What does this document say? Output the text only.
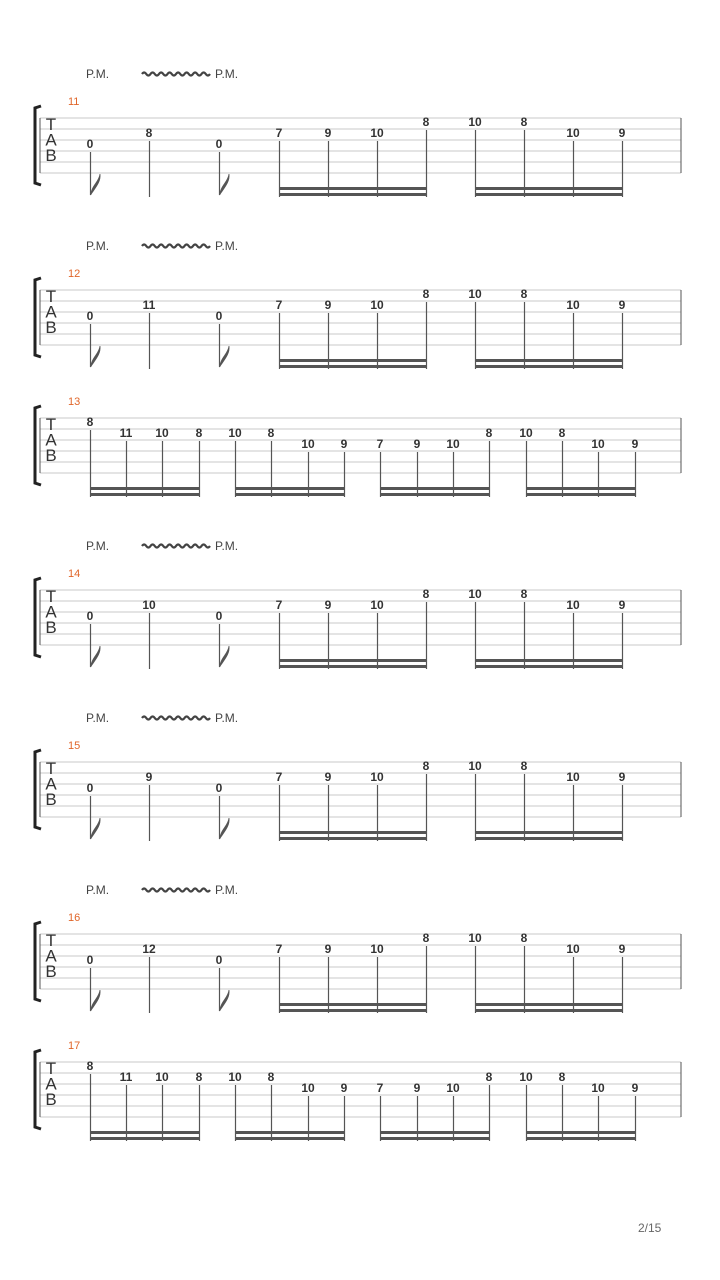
P.M.	P.M.
11
T
A
B
0
8
0
7	9	10
8	10	8
10	9
P.M.	P.M.
12
T
A
B
0
11
0
7	9	10
8	10	8
10	9
13
T
A
B
8
11 10 8 10 8
10 9 7	9 10
8 10 8
10 9
P.M.	P.M.
14
T
A
B
0
10
0
7	9	10
8	10	8
10	9
P.M.	P.M.
15
T
A
B
0
9
0
7	9	10
8	10	8
10	9
P.M.	P.M.
16
T
A
B
0
12
0
7	9	10
8	10	8
10	9
17
T
A
B
8
11 10 8 10 8
10 9 7	9 10
8 10 8
10 9
2/15
